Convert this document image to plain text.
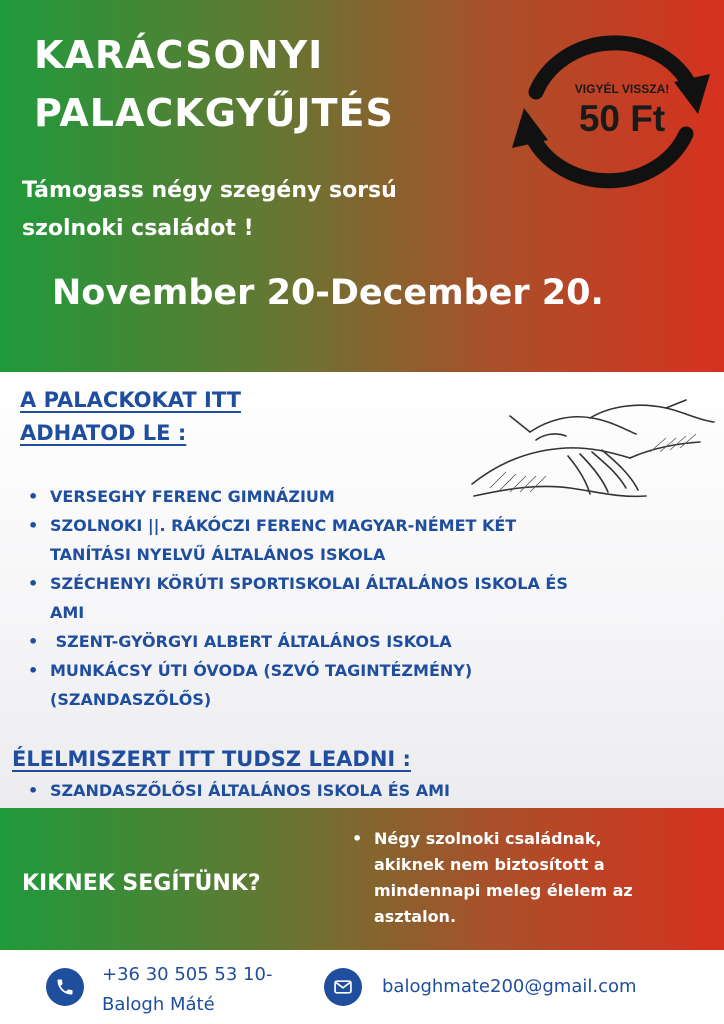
KARÁCSONYI
PALACKGYŰJTÉS

Támogass négy szegény sorsú
szolnoki családot !

November 20-December 20.

VIGYÉL VISSZA!
50 Ft
A PALACKOKAT ITT
ADHATOD LE :
• VERSEGHY FERENC GIMNÁZIUM
• SZOLNOKI ||. RÁKÓCZI FERENC MAGYAR-NÉMET KÉT
TANÍTÁSI NYELVŰ ÁLTALÁNOS ISKOLA
• SZÉCHENYI KÖRÚTI SPORTISKOLAI ÁLTALÁNOS ISKOLA ÉS
AMI
•  SZENT-GYÖRGYI ALBERT ÁLTALÁNOS ISKOLA
• MUNKÁCSY ÚTI ÓVODA (SZVÓ TAGINTÉZMÉNY)
(SZANDASZŐLŐS)
ÉLELMISZERT ITT TUDSZ LEADNI :
• SZANDASZŐLŐSI ÁLTALÁNOS ISKOLA ÉS AMI
KIKNEK SEGÍTÜNK?
• Négy szolnoki családnak,
akiknek nem biztosított a
mindennapi meleg élelem az
asztalon.

+36 30 505 53 10-
Balogh Máté

baloghmate200@gmail.com
